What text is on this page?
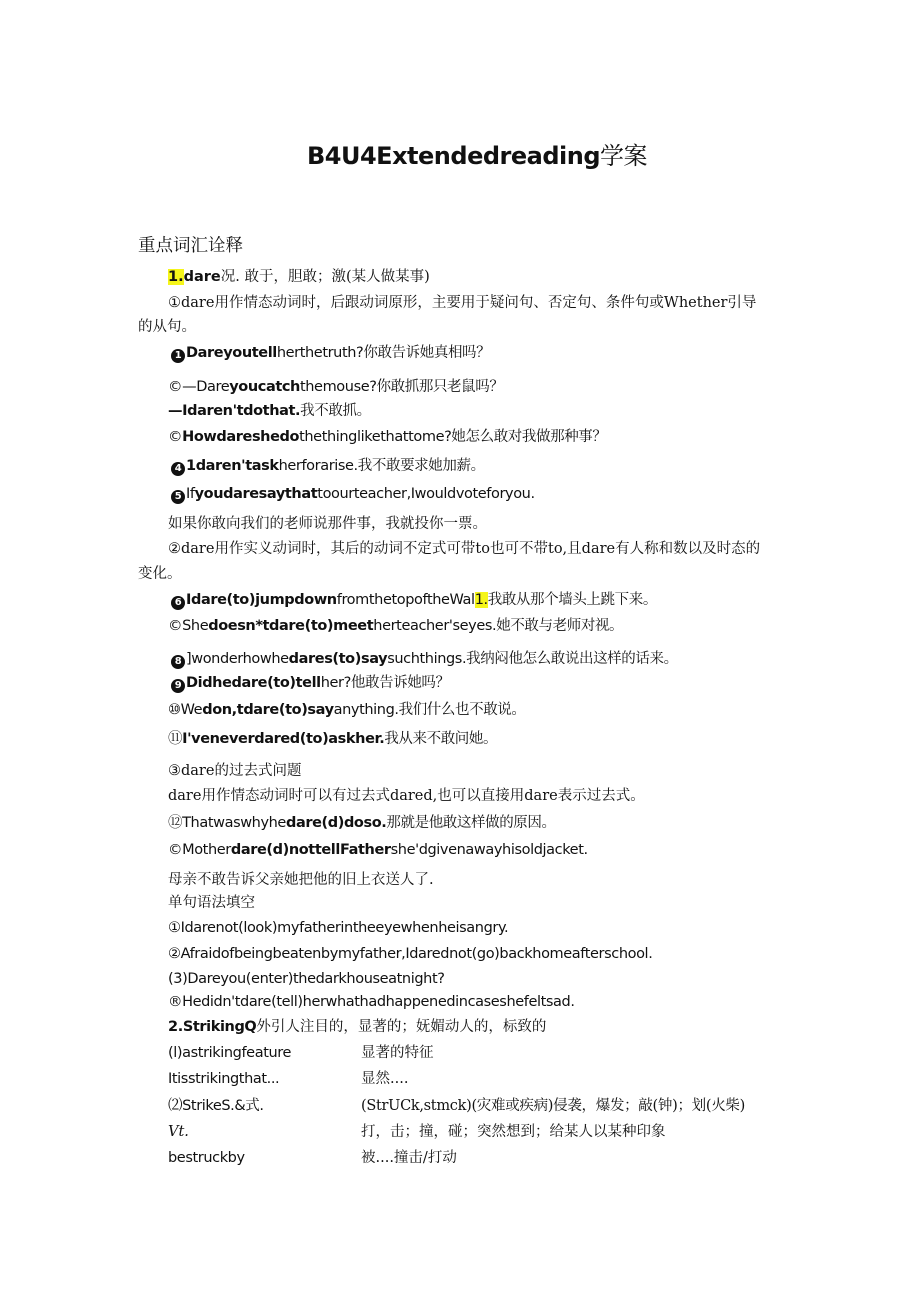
B4U4Extendedreading学案
重点词汇诠释
1.dare况. 敢于，胆敢；激(某人做某事)
①dare用作情态动词时，后跟动词原形，主要用于疑问句、否定句、条件句或Whether引导
的从句。
1 Dareyoutellherthetruth?你敢告诉她真相吗？
©—Dareyoucatchthemouse?你敢抓那只老鼠吗？
—Idaren'tdothat.我不敢抓。
©Howdareshedothethinglikethattome?她怎么敢对我做那种事？
4 1daren'taskherforarise.我不敢要求她加薪。
5 Ifyoudaresaythattoourteacher,Iwouldvoteforyou.
如果你敢向我们的老师说那件事，我就投你一票。
②dare用作实义动词时，其后的动词不定式可带to也可不带to,且dare有人称和数以及时态的
变化。
6 Idare(to)jumpdownfromthetopoftheWal1.我敢从那个墙头上跳下来。
©Shedoesn*tdare(to)meetherteacher'seyes.她不敢与老师对视。
8 ]wonderhowhedares(to)saysuchthings.我纳闷他怎么敢说出这样的话来。
9 Didhedare(to)tellher?他敢告诉她吗？
⑩Wedon,tdare(to)sayanything.我们什么也不敢说。
⑪I'veneverdared(to)askher.我从来不敢问她。
③dare的过去式问题
dare用作情态动词时可以有过去式dared,也可以直接用dare表示过去式。
⑫Thatwaswhyhedare(d)doso.那就是他敢这样做的原因。
©Motherdare(d)nottellFathershe'dgivenawayhisoldjacket.
母亲不敢告诉父亲她把他的旧上衣送人了.
单句语法填空
①Idarenot(look)myfatherintheeyewhenheisangry.
②Afraidofbeingbeatenbymyfather,Idarednot(go)backhomeafterschool.
(3)Dareyou(enter)thedarkhouseatnight?
®Hedidn'tdare(tell)herwhathadhappenedincaseshefeltsad.
2.StrikingQ外引人注目的，显著的；妩媚动人的，标致的
(l)astrikingfeature	显著的特征
Itisstrikingthat...	显然....
⑵StrikeS.&式.	(StrUCk,stmck)(灾难或疾病)侵袭，爆发；敲(钟)；划(火柴)
Vt.	打，击；撞，碰；突然想到；给某人以某种印象
bestruckby	被....撞击/打动
